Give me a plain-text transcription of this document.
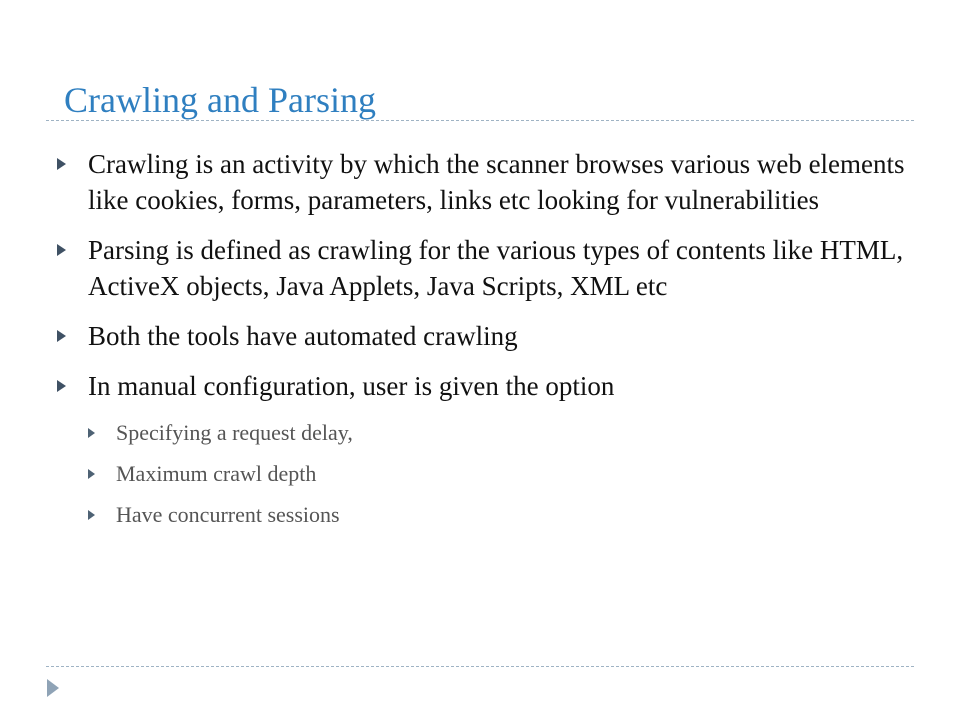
Crawling and Parsing
Crawling is an activity by which the scanner browses various web elements like cookies, forms, parameters, links etc looking for vulnerabilities
Parsing is defined as crawling for the various types of contents like HTML, ActiveX objects, Java Applets, Java Scripts, XML etc
Both the tools have automated crawling
In manual configuration, user is given the option
Specifying a request delay,
Maximum crawl depth
Have concurrent sessions
